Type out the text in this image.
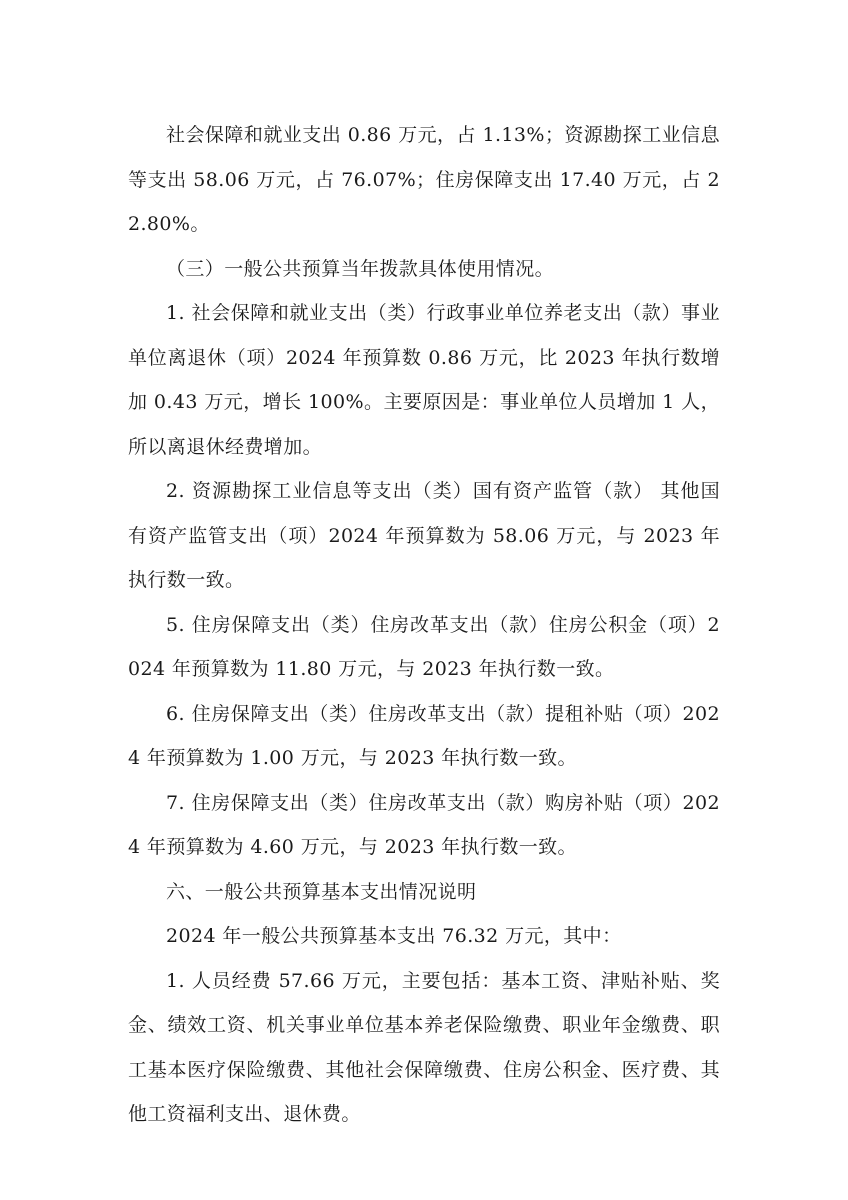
社会保障和就业支出 0.86 万元，占 1.13%；资源勘探工业信息等支出 58.06 万元，占 76.07%；住房保障支出 17.40 万元，占 22.80%。

（三）一般公共预算当年拨款具体使用情况。

1. 社会保障和就业支出（类）行政事业单位养老支出（款）事业单位离退休（项）2024 年预算数 0.86 万元，比 2023 年执行数增加 0.43 万元，增长 100%。主要原因是：事业单位人员增加 1 人，所以离退休经费增加。

2. 资源勘探工业信息等支出（类）国有资产监管（款） 其他国有资产监管支出（项）2024 年预算数为 58.06 万元，与 2023 年执行数一致。

5. 住房保障支出（类）住房改革支出（款）住房公积金（项）2024 年预算数为 11.80 万元，与 2023 年执行数一致。

6. 住房保障支出（类）住房改革支出（款）提租补贴（项）2024 年预算数为 1.00 万元，与 2023 年执行数一致。

7. 住房保障支出（类）住房改革支出（款）购房补贴（项）2024 年预算数为 4.60 万元，与 2023 年执行数一致。

六、一般公共预算基本支出情况说明

2024 年一般公共预算基本支出 76.32 万元，其中：

1. 人员经费 57.66 万元，主要包括：基本工资、津贴补贴、奖金、绩效工资、机关事业单位基本养老保险缴费、职业年金缴费、职工基本医疗保险缴费、其他社会保障缴费、住房公积金、医疗费、其他工资福利支出、退休费。
